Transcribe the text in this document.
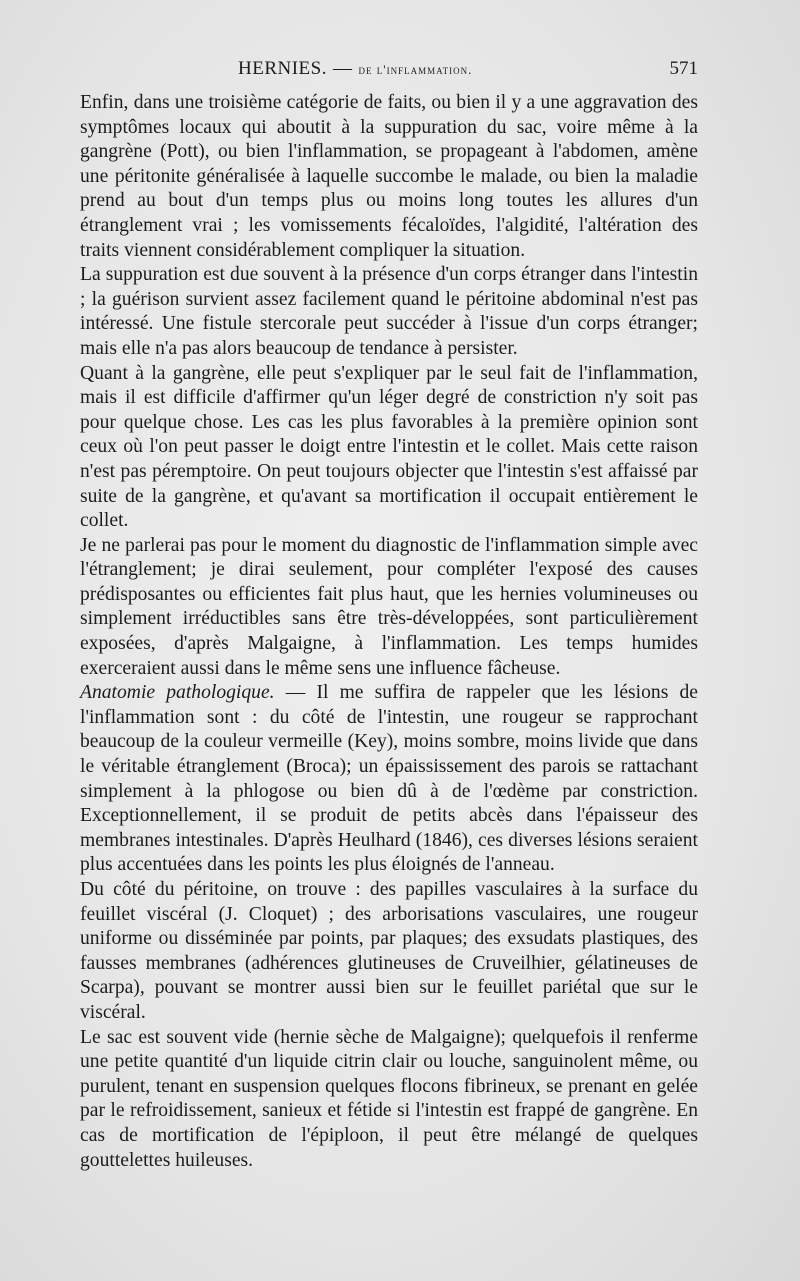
HERNIES. — de l'inflammation.	571

Enfin, dans une troisième catégorie de faits, ou bien il y a une aggravation des symptômes locaux qui aboutit à la suppuration du sac, voire même à la gangrène (Pott), ou bien l'inflammation, se propageant à l'abdomen, amène une péritonite généralisée à laquelle succombe le malade, ou bien la maladie prend au bout d'un temps plus ou moins long toutes les allures d'un étranglement vrai ; les vomissements fécaloïdes, l'algidité, l'altération des traits viennent considérablement compliquer la situation.

La suppuration est due souvent à la présence d'un corps étranger dans l'intestin ; la guérison survient assez facilement quand le péritoine abdominal n'est pas intéressé. Une fistule stercorale peut succéder à l'issue d'un corps étranger; mais elle n'a pas alors beaucoup de tendance à persister.

Quant à la gangrène, elle peut s'expliquer par le seul fait de l'inflammation, mais il est difficile d'affirmer qu'un léger degré de constriction n'y soit pas pour quelque chose. Les cas les plus favorables à la première opinion sont ceux où l'on peut passer le doigt entre l'intestin et le collet. Mais cette raison n'est pas péremptoire. On peut toujours objecter que l'intestin s'est affaissé par suite de la gangrène, et qu'avant sa mortification il occupait entièrement le collet.

Je ne parlerai pas pour le moment du diagnostic de l'inflammation simple avec l'étranglement; je dirai seulement, pour compléter l'exposé des causes prédisposantes ou efficientes fait plus haut, que les hernies volumineuses ou simplement irréductibles sans être très-développées, sont particulièrement exposées, d'après Malgaigne, à l'inflammation. Les temps humides exerceraient aussi dans le même sens une influence fâcheuse.

Anatomie pathologique. — Il me suffira de rappeler que les lésions de l'inflammation sont : du côté de l'intestin, une rougeur se rapprochant beaucoup de la couleur vermeille (Key), moins sombre, moins livide que dans le véritable étranglement (Broca); un épaississement des parois se rattachant simplement à la phlogose ou bien dû à de l'œdème par constriction. Exceptionnellement, il se produit de petits abcès dans l'épaisseur des membranes intestinales. D'après Heulhard (1846), ces diverses lésions seraient plus accentuées dans les points les plus éloignés de l'anneau.

Du côté du péritoine, on trouve : des papilles vasculaires à la surface du feuillet viscéral (J. Cloquet) ; des arborisations vasculaires, une rougeur uniforme ou disséminée par points, par plaques; des exsudats plastiques, des fausses membranes (adhérences glutineuses de Cruveilhier, gélatineuses de Scarpa), pouvant se montrer aussi bien sur le feuillet pariétal que sur le viscéral.

Le sac est souvent vide (hernie sèche de Malgaigne); quelquefois il renferme une petite quantité d'un liquide citrin clair ou louche, sanguinolent même, ou purulent, tenant en suspension quelques flocons fibrineux, se prenant en gelée par le refroidissement, sanieux et fétide si l'intestin est frappé de gangrène. En cas de mortification de l'épiploon, il peut être mélangé de quelques gouttelettes huileuses.
